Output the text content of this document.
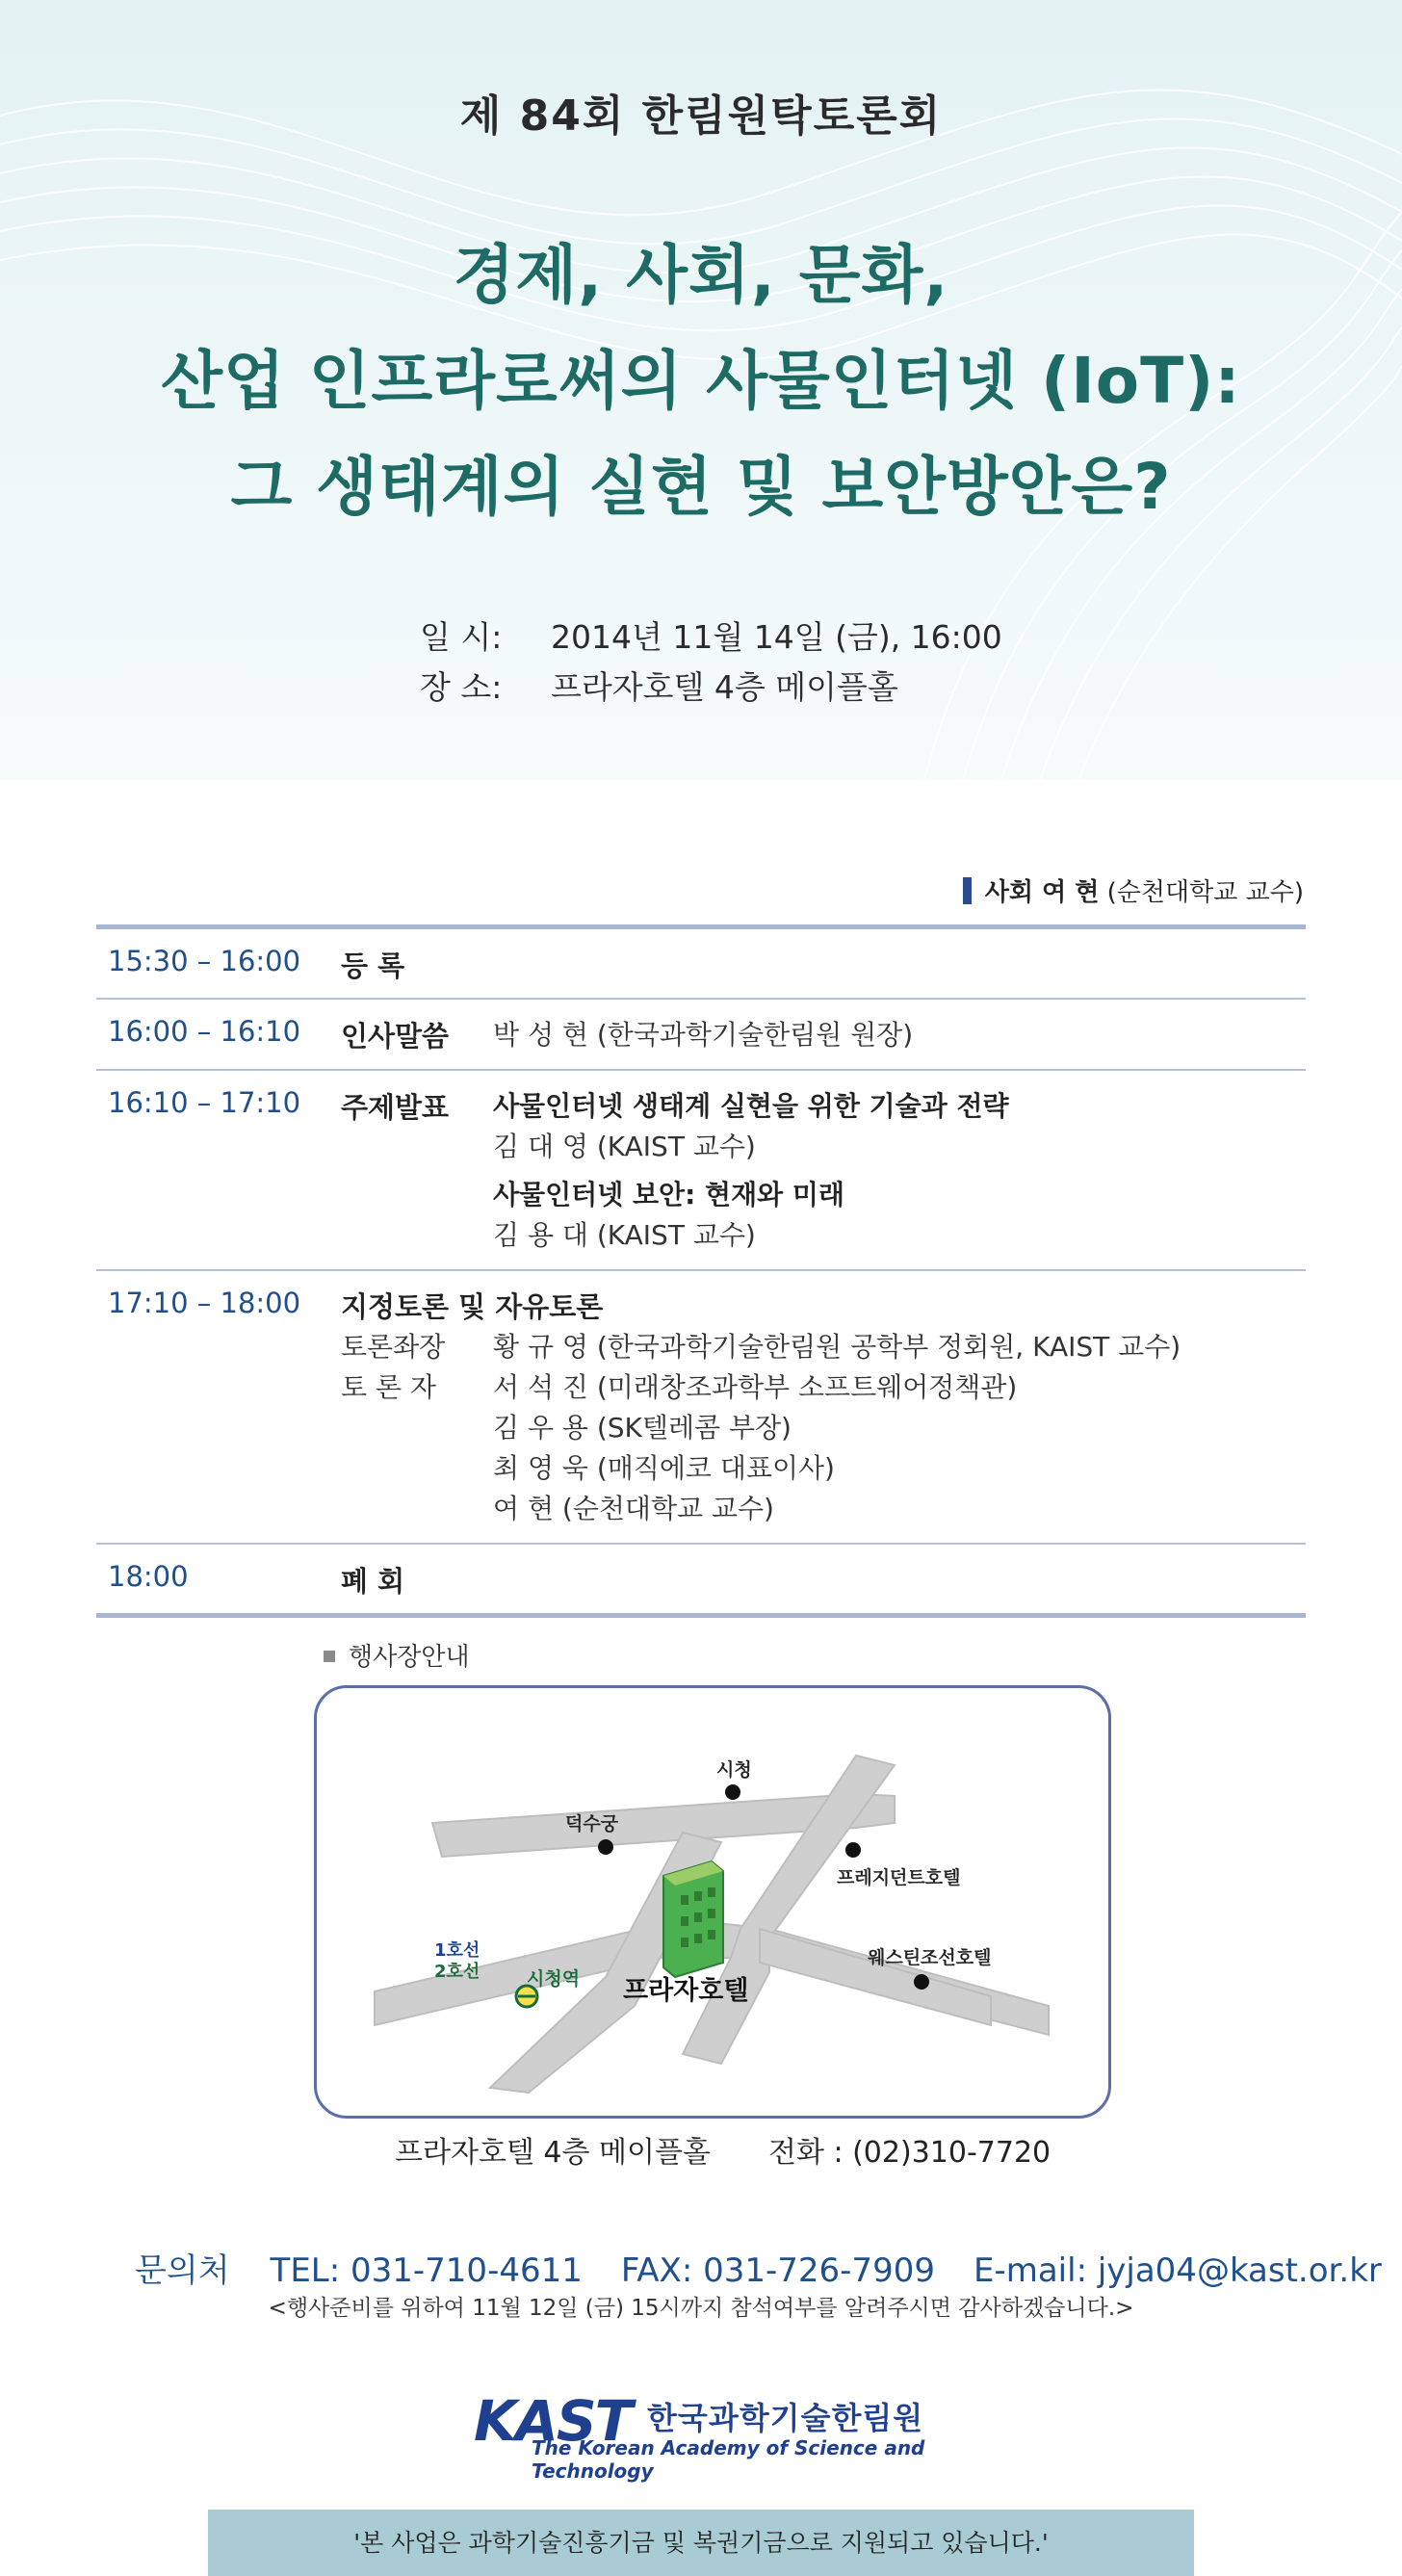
제 84회 한림원탁토론회
경제, 사회, 문화,
산업 인프라로써의 사물인터넷 (IoT):
그 생태계의 실현 및 보안방안은?
일 시: 2014년 11월 14일 (금), 16:00
장 소: 프라자호텔 4층 메이플홀
사회 여 현 (순천대학교 교수)
15:30 – 16:00	등 록
16:00 – 16:10	인사말씀	박 성 현 (한국과학기술한림원 원장)
16:10 – 17:10	주제발표	사물인터넷 생태계 실현을 위한 기술과 전략
김 대 영 (KAIST 교수)
사물인터넷 보안: 현재와 미래
김 용 대 (KAIST 교수)
17:10 – 18:00	지정토론 및 자유토론
토론좌장	황 규 영 (한국과학기술한림원 공학부 정회원, KAIST 교수)
토 론 자	서 석 진 (미래창조과학부 소프트웨어정책관)
김 우 용 (SK텔레콤 부장)
최 영 욱 (매직에코 대표이사)
여 현 (순천대학교 교수)
18:00	폐 회
행사장안내
시청
덕수궁
프레지던트호텔
웨스틴조선호텔
프라자호텔
1호선
2호선	시청역
프라자호텔 4층 메이플홀 전화 : (02)310-7720
문의처 TEL: 031-710-4611 FAX: 031-726-7909 E-mail: jyja04@kast.or.kr
<행사준비를 위하여 11월 12일 (금) 15시까지 참석여부를 알려주시면 감사하겠습니다.>
KAST 한국과학기술한림원
The Korean Academy of Science and Technology
'본 사업은 과학기술진흥기금 및 복권기금으로 지원되고 있습니다.'
